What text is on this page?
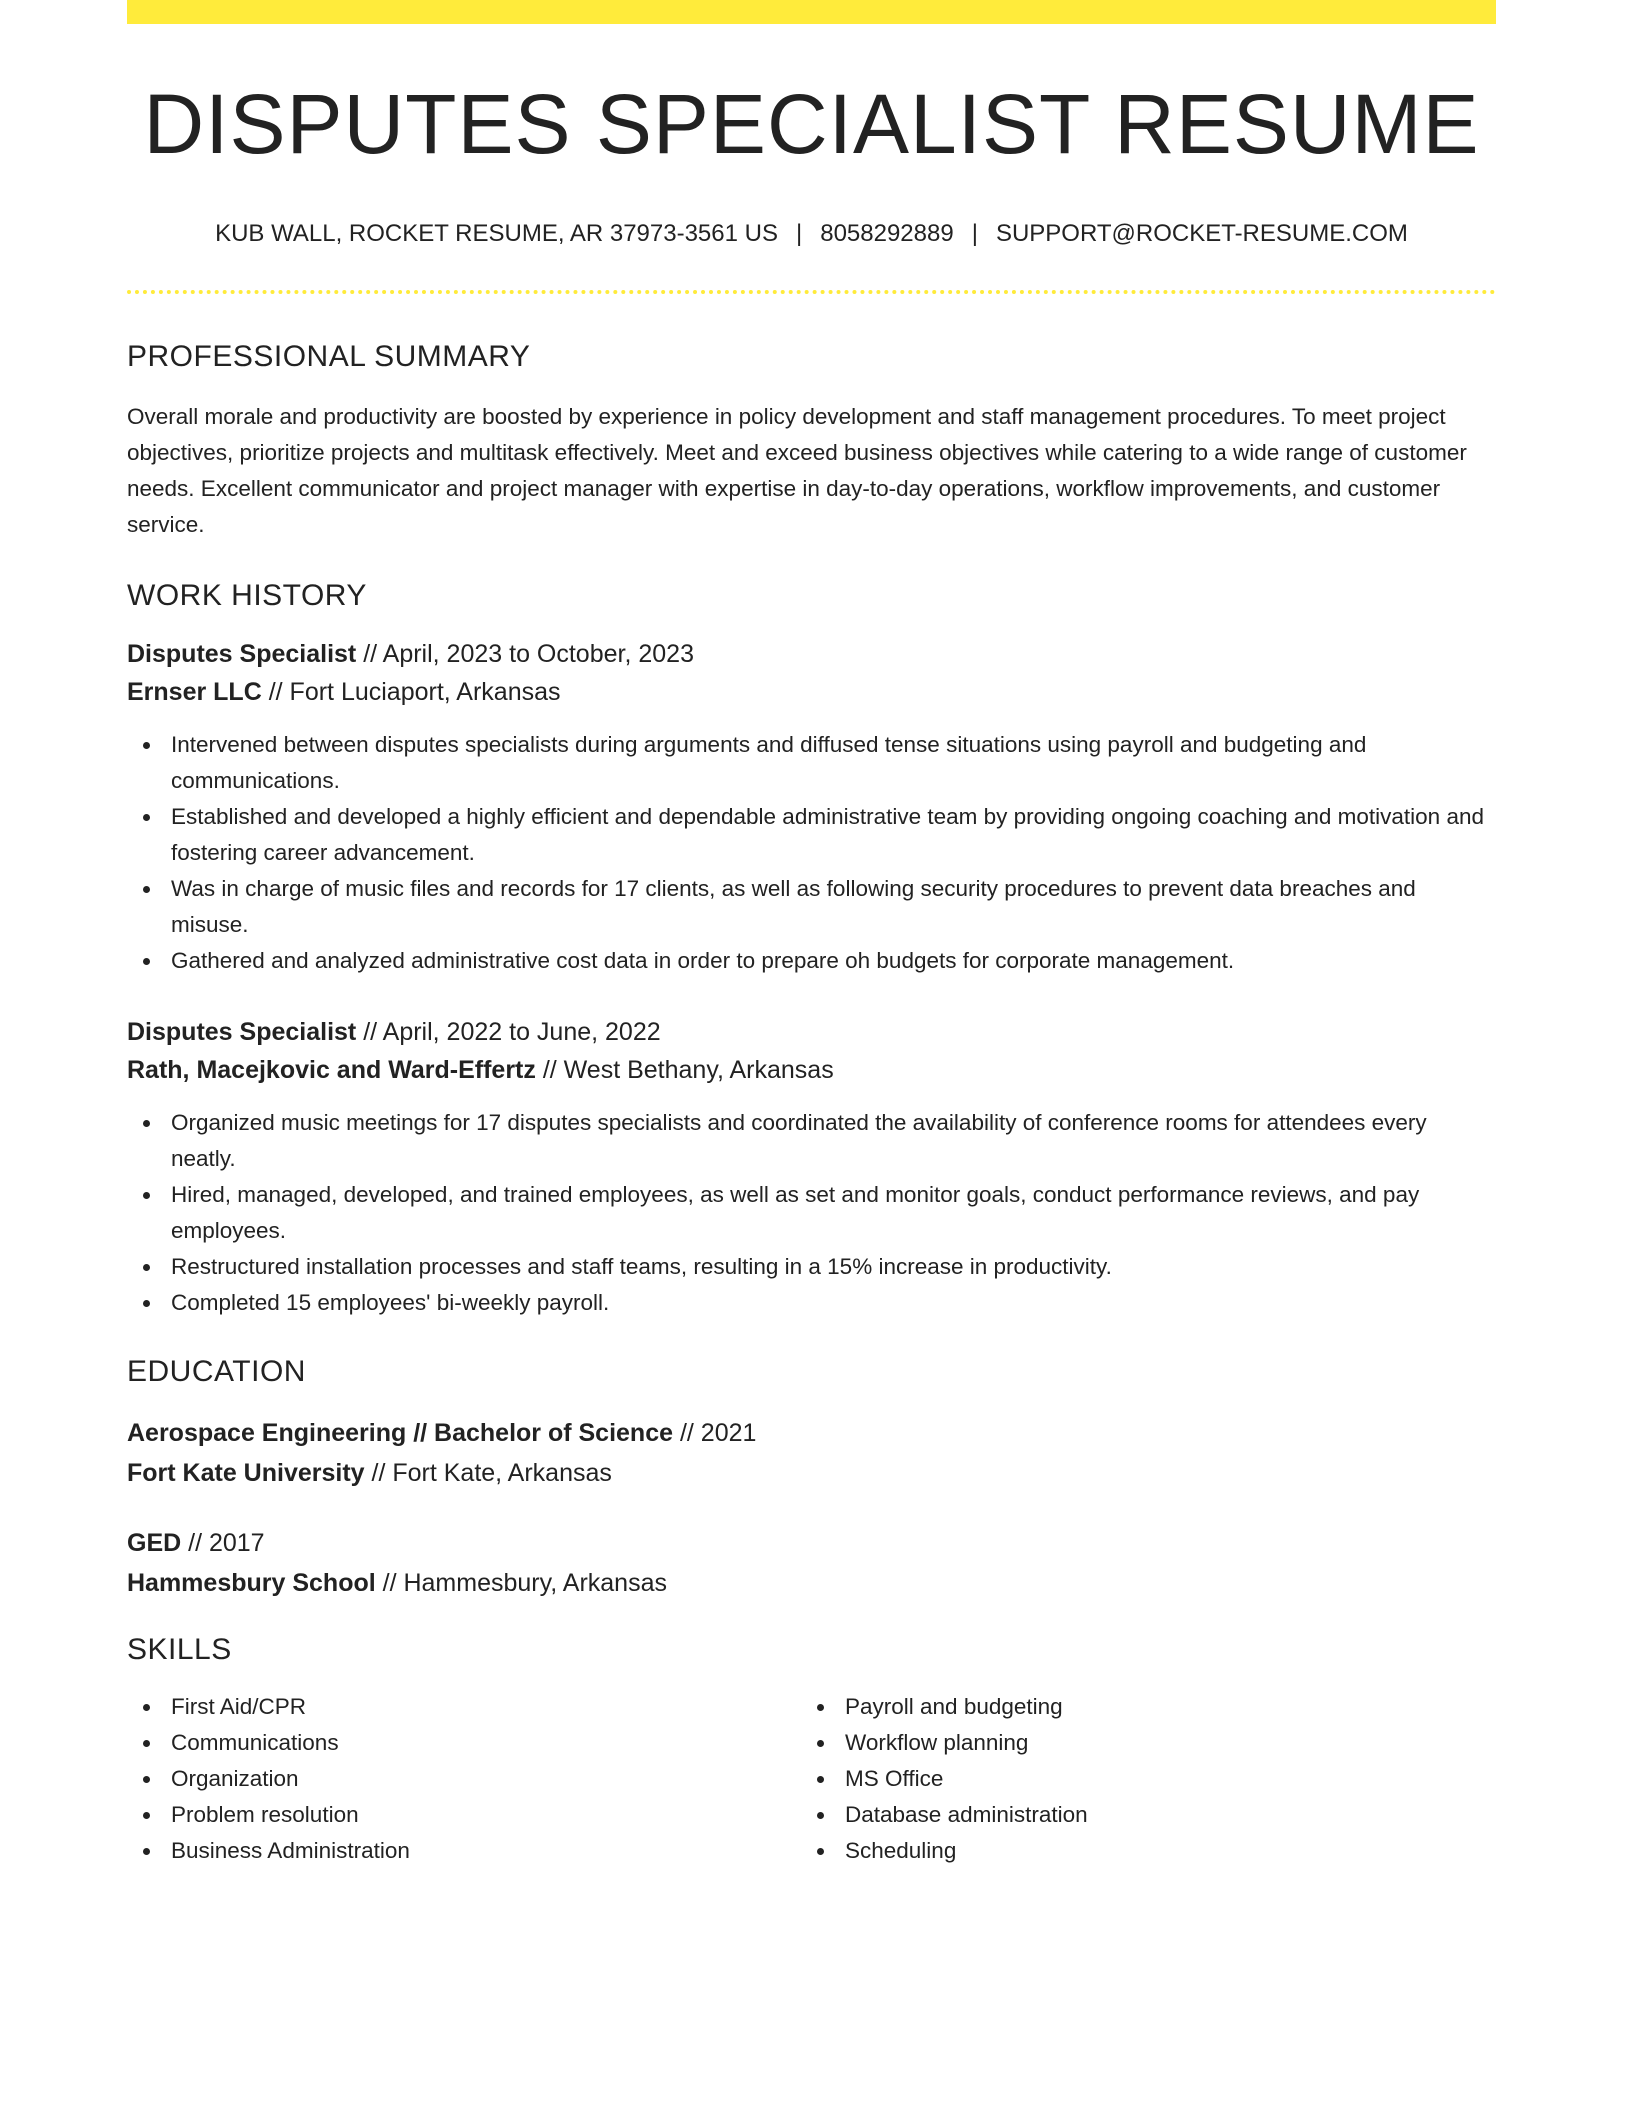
DISPUTES SPECIALIST RESUME
KUB WALL, ROCKET RESUME, AR 37973-3561 US | 8058292889 | SUPPORT@ROCKET-RESUME.COM
PROFESSIONAL SUMMARY

Overall morale and productivity are boosted by experience in policy development and staff management procedures. To meet project objectives, prioritize projects and multitask effectively. Meet and exceed business objectives while catering to a wide range of customer needs. Excellent communicator and project manager with expertise in day-to-day operations, workflow improvements, and customer service.

WORK HISTORY
Disputes Specialist // April, 2023 to October, 2023
Ernser LLC // Fort Luciaport, Arkansas
Intervened between disputes specialists during arguments and diffused tense situations using payroll and budgeting and communications.
Established and developed a highly efficient and dependable administrative team by providing ongoing coaching and motivation and fostering career advancement.
Was in charge of music files and records for 17 clients, as well as following security procedures to prevent data breaches and misuse.
Gathered and analyzed administrative cost data in order to prepare oh budgets for corporate management.
Disputes Specialist // April, 2022 to June, 2022
Rath, Macejkovic and Ward-Effertz // West Bethany, Arkansas
Organized music meetings for 17 disputes specialists and coordinated the availability of conference rooms for attendees every neatly.
Hired, managed, developed, and trained employees, as well as set and monitor goals, conduct performance reviews, and pay employees.
Restructured installation processes and staff teams, resulting in a 15% increase in productivity.
Completed 15 employees' bi-weekly payroll.
EDUCATION
Aerospace Engineering // Bachelor of Science // 2021
Fort Kate University // Fort Kate, Arkansas
GED // 2017
Hammesbury School // Hammesbury, Arkansas
SKILLS
First Aid/CPR
Communications
Organization
Problem resolution
Business Administration
Payroll and budgeting
Workflow planning
MS Office
Database administration
Scheduling
